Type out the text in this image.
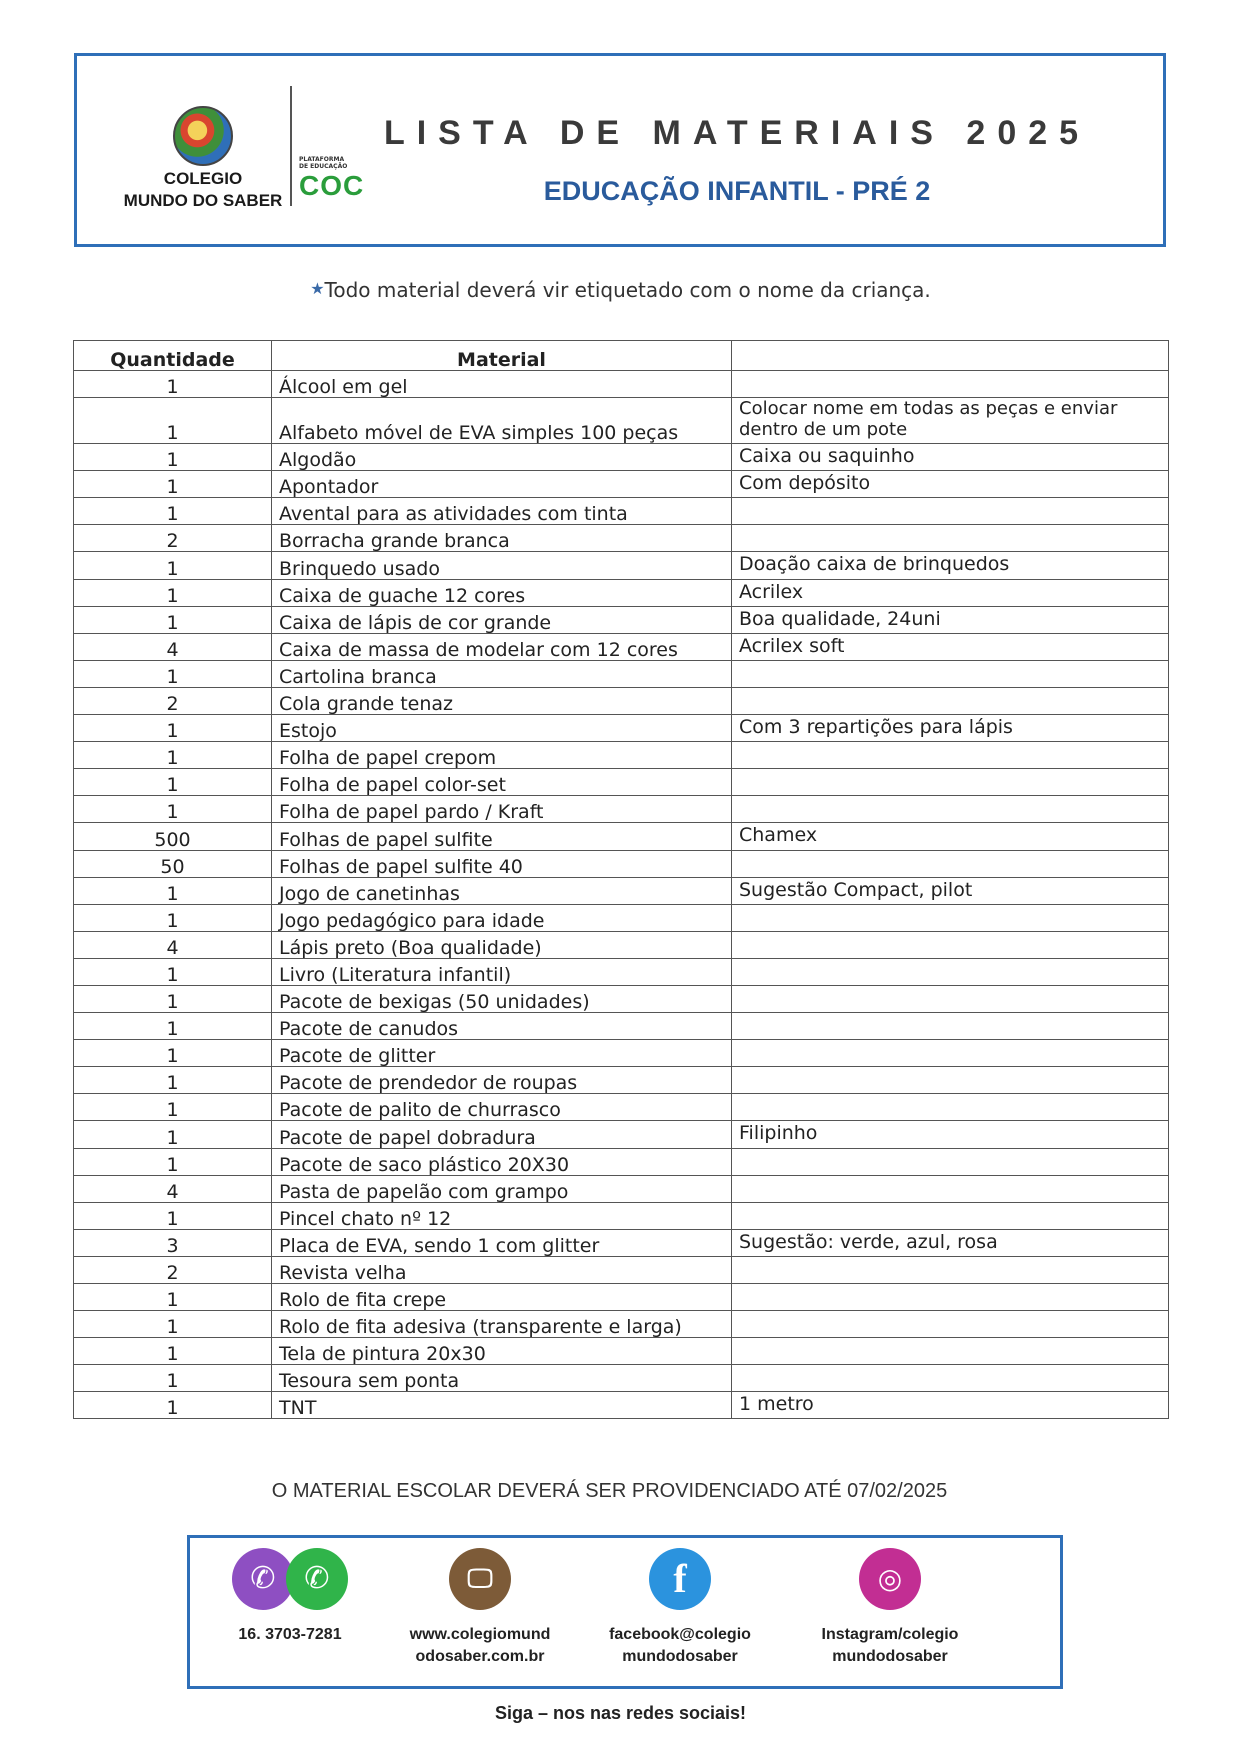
COLEGIO
MUNDO DO SABER
PLATAFORMA
DE EDUCAÇÃO
COC
LISTA DE MATERIAIS 2025
EDUCAÇÃO INFANTIL - PRÉ 2
★Todo material deverá vir etiquetado com o nome da criança.
Quantidade	Material	
1	Álcool em gel	
1	Alfabeto móvel de EVA simples 100 peças	Colocar nome em todas as peças e enviar dentro de um pote
1	Algodão	Caixa ou saquinho
1	Apontador	Com depósito
1	Avental para as atividades com tinta	
2	Borracha grande branca	
1	Brinquedo usado	Doação caixa de brinquedos
1	Caixa de guache 12 cores	Acrilex
1	Caixa de lápis de cor grande	Boa qualidade, 24uni
4	Caixa de massa de modelar com 12 cores	Acrilex soft
1	Cartolina branca	
2	Cola grande tenaz	
1	Estojo	Com 3 repartições para lápis
1	Folha de papel crepom	
1	Folha de papel color-set	
1	Folha de papel pardo / Kraft	
500	Folhas de papel sulfite	Chamex
50	Folhas de papel sulfite 40	
1	Jogo de canetinhas	Sugestão Compact, pilot
1	Jogo pedagógico para idade	
4	Lápis preto (Boa qualidade)	
1	Livro (Literatura infantil)	
1	Pacote de bexigas (50 unidades)	
1	Pacote de canudos	
1	Pacote de glitter	
1	Pacote de prendedor de roupas	
1	Pacote de palito de churrasco	
1	Pacote de papel dobradura	Filipinho
1	Pacote de saco plástico 20X30	
4	Pasta de papelão com grampo	
1	Pincel chato nº 12	
3	Placa de EVA, sendo 1 com glitter	Sugestão: verde, azul, rosa
2	Revista velha	
1	Rolo de fita crepe	
1	Rolo de fita adesiva (transparente e larga)	
1	Tela de pintura 20x30	
1	Tesoura sem ponta	
1	TNT	1 metro
O MATERIAL ESCOLAR DEVERÁ SER PROVIDENCIADO ATÉ 07/02/2025
✆ ✆
16. 3703-7281
🖵
www.colegiomund
odosaber.com.br
f
facebook@colegio
mundodosaber
◎
Instagram/colegio
mundodosaber
Siga – nos nas redes sociais!
